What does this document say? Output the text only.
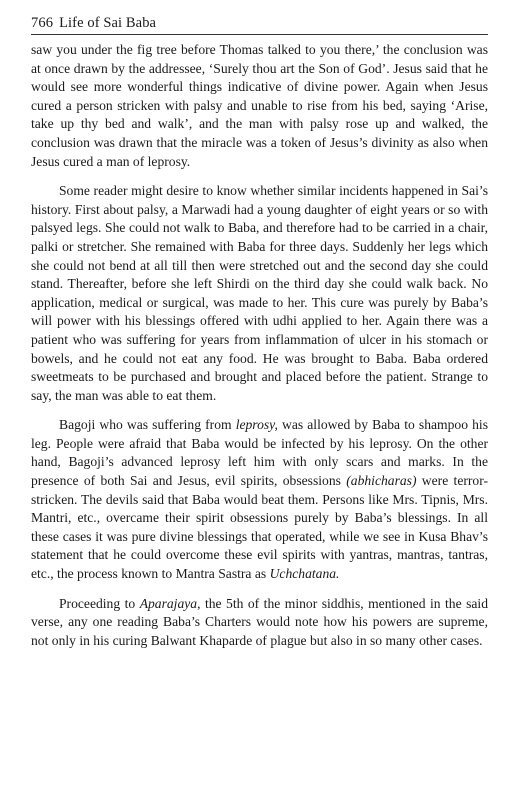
766 Life of Sai Baba

saw you under the fig tree before Thomas talked to you there,’ the conclusion was at once drawn by the addressee, ‘Surely thou art the Son of God’. Jesus said that he would see more wonderful things indicative of divine power. Again when Jesus cured a person stricken with palsy and unable to rise from his bed, saying ‘Arise, take up thy bed and walk’, and the man with palsy rose up and walked, the conclusion was drawn that the miracle was a token of Jesus’s divinity as also when Jesus cured a man of leprosy.

Some reader might desire to know whether similar incidents happened in Sai’s history. First about palsy, a Marwadi had a young daughter of eight years or so with palsyed legs. She could not walk to Baba, and therefore had to be carried in a chair, palki or stretcher. She remained with Baba for three days. Suddenly her legs which she could not bend at all till then were stretched out and the second day she could stand. Thereafter, before she left Shirdi on the third day she could walk back. No application, medical or surgical, was made to her. This cure was purely by Baba’s will power with his blessings offered with udhi applied to her. Again there was a patient who was suffering for years from inflammation of ulcer in his stomach or bowels, and he could not eat any food. He was brought to Baba. Baba ordered sweetmeats to be purchased and brought and placed before the patient. Strange to say, the man was able to eat them.

Bagoji who was suffering from leprosy, was allowed by Baba to shampoo his leg. People were afraid that Baba would be infected by his leprosy. On the other hand, Bagoji’s advanced leprosy left him with only scars and marks. In the presence of both Sai and Jesus, evil spirits, obsessions (abhicharas) were terror-stricken. The devils said that Baba would beat them. Persons like Mrs. Tipnis, Mrs. Mantri, etc., overcame their spirit obsessions purely by Baba’s blessings. In all these cases it was pure divine blessings that operated, while we see in Kusa Bhav’s statement that he could overcome these evil spirits with yantras, mantras, tantras, etc., the process known to Mantra Sastra as Uchchatana.

Proceeding to Aparajaya, the 5th of the minor siddhis, mentioned in the said verse, any one reading Baba’s Charters would note how his powers are supreme, not only in his curing Balwant Khaparde of plague but also in so many other cases.
